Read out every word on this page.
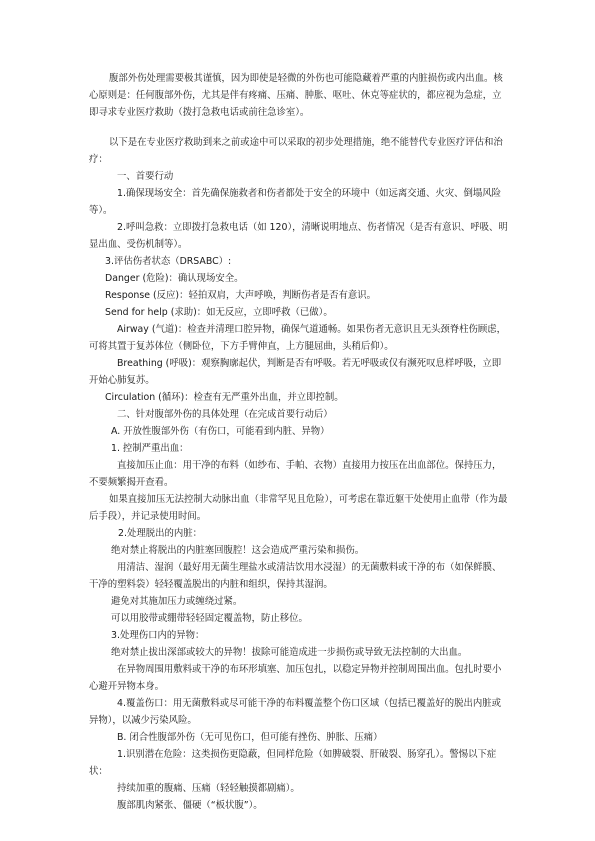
腹部外伤处理需要极其谨慎，因为即使是轻微的外伤也可能隐藏着严重的内脏损伤或内出血。核心原则是：任何腹部外伤，尤其是伴有疼痛、压痛、肿胀、呕吐、休克等症状的，都应视为急症，立即寻求专业医疗救助（拨打急救电话或前往急诊室）。

以下是在专业医疗救助到来之前或途中可以采取的初步处理措施，绝不能替代专业医疗评估和治疗：

一、首要行动

1.确保现场安全：首先确保施救者和伤者都处于安全的环境中（如远离交通、火灾、倒塌风险等）。

2.呼叫急救：立即拨打急救电话（如 120），清晰说明地点、伤者情况（是否有意识、呼吸、明显出血、受伤机制等）。

3.评估伤者状态（DRSABC）:

Danger (危险)：确认现场安全。

Response (反应)：轻拍双肩，大声呼唤，判断伤者是否有意识。

Send for help (求助)：如无反应，立即呼救（已做）。

Airway (气道)：检查并清理口腔异物，确保气道通畅。如果伤者无意识且无头颈脊柱伤顾虑，可将其置于复苏体位（侧卧位，下方手臂伸直，上方腿屈曲，头稍后仰）。

Breathing (呼吸)：观察胸廓起伏，判断是否有呼吸。若无呼吸或仅有濒死叹息样呼吸，立即开始心肺复苏。

Circulation (循环)：检查有无严重外出血，并立即控制。

二、针对腹部外伤的具体处理（在完成首要行动后）

A. 开放性腹部外伤（有伤口，可能看到内脏、异物）

1. 控制严重出血：

直接加压止血：用干净的布料（如纱布、手帕、衣物）直接用力按压在出血部位。保持压力，不要频繁揭开查看。

如果直接加压无法控制大动脉出血（非常罕见且危险），可考虑在靠近躯干处使用止血带（作为最后手段），并记录使用时间。

2.处理脱出的内脏：

绝对禁止将脱出的内脏塞回腹腔！这会造成严重污染和损伤。

用清洁、湿润（最好用无菌生理盐水或清洁饮用水浸湿）的无菌敷料或干净的布（如保鲜膜、干净的塑料袋）轻轻覆盖脱出的内脏和组织，保持其湿润。

避免对其施加压力或缠绕过紧。

可以用胶带或绷带轻轻固定覆盖物，防止移位。

3.处理伤口内的异物：

绝对禁止拔出深部或较大的异物！拔除可能造成进一步损伤或导致无法控制的大出血。

在异物周围用敷料或干净的布环形填塞、加压包扎，以稳定异物并控制周围出血。包扎时要小心避开异物本身。

4.覆盖伤口：用无菌敷料或尽可能干净的布料覆盖整个伤口区域（包括已覆盖好的脱出内脏或异物），以减少污染风险。

B. 闭合性腹部外伤（无可见伤口，但可能有挫伤、肿胀、压痛）

1.识别潜在危险：这类损伤更隐蔽，但同样危险（如脾破裂、肝破裂、肠穿孔）。警惕以下症状：

持续加重的腹痛、压痛（轻轻触摸都剧痛）。

腹部肌肉紧张、僵硬（“板状腹”）。
